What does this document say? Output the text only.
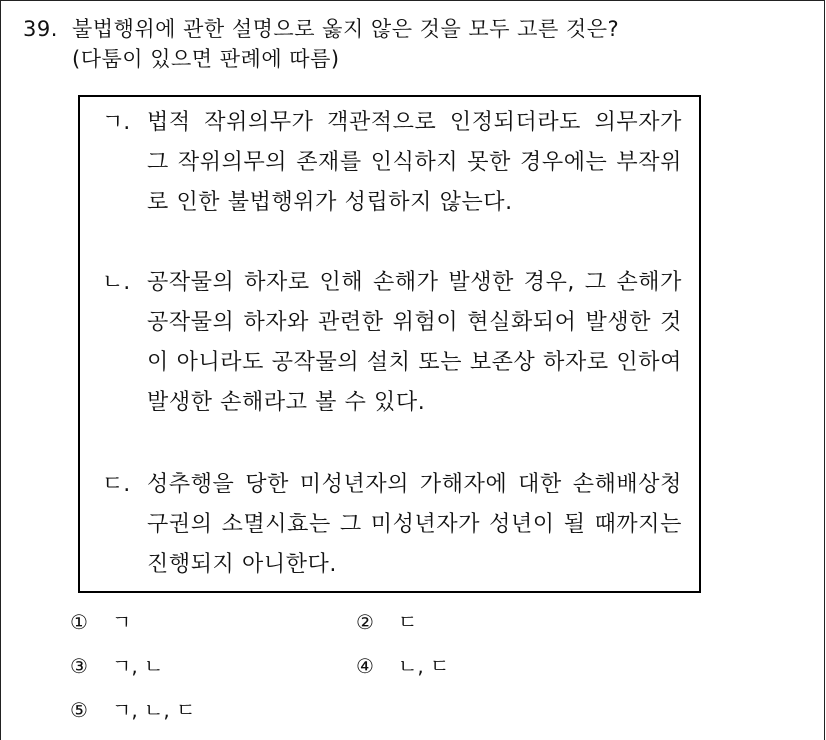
39. 불법행위에 관한 설명으로 옳지 않은 것을 모두 고른 것은?
(다툼이 있으면 판례에 따름)
ㄱ. 법적 작위의무가 객관적으로 인정되더라도 의무자가 그 작위의무의 존재를 인식하지 못한 경우에는 부작위로 인한 불법행위가 성립하지 않는다.
ㄴ. 공작물의 하자로 인해 손해가 발생한 경우, 그 손해가 공작물의 하자와 관련한 위험이 현실화되어 발생한 것이 아니라도 공작물의 설치 또는 보존상 하자로 인하여 발생한 손해라고 볼 수 있다.
ㄷ. 성추행을 당한 미성년자의 가해자에 대한 손해배상청구권의 소멸시효는 그 미성년자가 성년이 될 때까지는 진행되지 아니한다.
① ㄱ	② ㄷ
③ ㄱ, ㄴ	④ ㄴ, ㄷ
⑤ ㄱ, ㄴ, ㄷ
